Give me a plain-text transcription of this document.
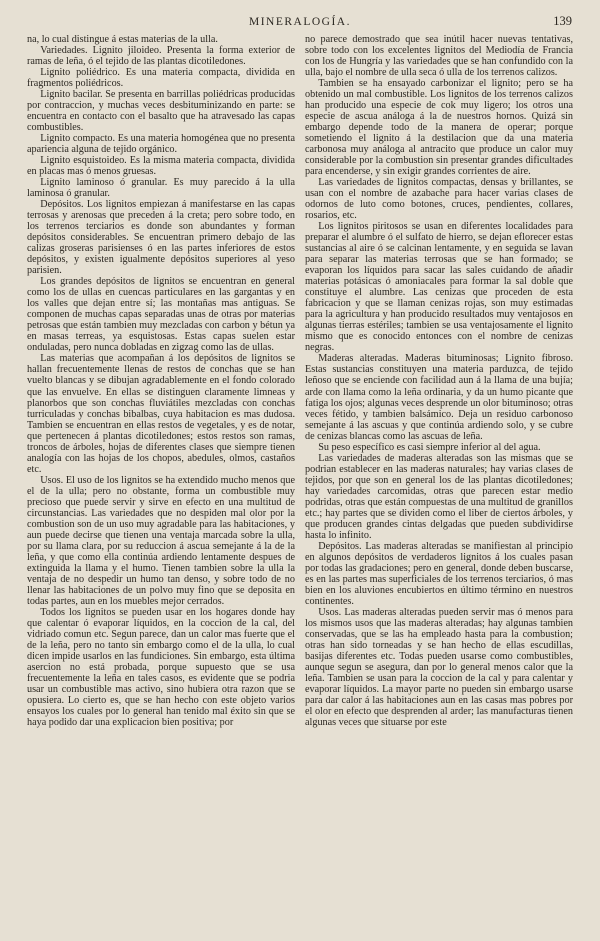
MINERALOGÍA.	139

na, lo cual distingue á estas materias de la ulla.

Variedades. Lignito jiloideo. Presenta la forma exterior de ramas de leña, ó el tejido de las plantas dicotiledones.

Lignito poliédrico. Es una materia compacta, dividida en fragmentos poliédricos.

Lignito bacilar. Se presenta en barrillas poliédricas producidas por contraccion, y muchas veces desbituminizando en parte: se encuentra en contacto con el basalto que ha atravesado las capas combustibles.

Lignito compacto. Es una materia homogénea que no presenta apariencia alguna de tejido orgánico.

Lignito esquistoideo. Es la misma materia compacta, dividida en placas mas ó menos gruesas.

Lignito laminoso ó granular. Es muy parecido á la ulla laminosa ó granular.

Depósitos. Los lignitos empiezan á manifestarse en las capas terrosas y arenosas que preceden á la creta; pero sobre todo, en los terrenos terciarios es donde son abundantes y forman depósitos considerables. Se encuentran primero debajo de las calizas groseras parisienses ó en las partes inferiores de estos depósitos, y existen igualmente depósitos superiores al yeso parisien.

Los grandes depósitos de lignitos se encuentran en general como los de ullas en cuencas particulares en las gargantas y en los valles que dejan entre sí; las montañas mas antiguas. Se componen de muchas capas separadas unas de otras por materias petrosas que están tambien muy mezcladas con carbon y bétun ya en masas terreas, ya esquistosas. Estas capas suelen estar onduladas, pero nunca dobladas en zigzag como las de ullas.

Las materias que acompañan á los depósitos de lignitos se hallan frecuentemente llenas de restos de conchas que se han vuelto blancas y se dibujan agradablemente en el fondo colorado que las envuelve. En ellas se distinguen claramente limneas y planorbos que son conchas fluviátiles mezcladas con conchas turriculadas y conchas bibalbas, cuya habitacion es mas dudosa. Tambien se encuentran en ellas restos de vegetales, y es de notar, que pertenecen á plantas dicotiledones; estos restos son ramas, troncos de árboles, hojas de diferentes clases que siempre tienen analogía con las hojas de los chopos, abedules, olmos, castaños etc.

Usos. El uso de los lignitos se ha extendido mucho menos que el de la ulla; pero no obstante, forma un combustible muy precioso que puede servir y sirve en efecto en una multitud de circunstancias. Las variedades que no despiden mal olor por la combustion son de un uso muy agradable para las habitaciones, y aun puede decirse que tienen una ventaja marcada sobre la ulla, por su llama clara, por su reduccion á ascua semejante á la de la leña, y que como ella continúa ardiendo lentamente despues de extinguida la llama y el humo. Tienen tambien sobre la ulla la ventaja de no despedir un humo tan denso, y sobre todo de no llenar las habitaciones de un polvo muy fino que se deposita en todas partes, aun en los muebles mejor cerrados.

Todos los lignitos se pueden usar en los hogares donde hay que calentar ó evaporar líquidos, en la coccion de la cal, del vidriado comun etc. Segun parece, dan un calor mas fuerte que el de la leña, pero no tanto sin embargo como el de la ulla, lo cual dicen impide usarlos en las fundiciones. Sin embargo, esta última asercion no está probada, porque supuesto que se usa frecuentemente la leña en tales casos, es evidente que se podria usar un combustible mas activo, sino hubiera otra razon que se opusiera. Lo cierto es, que se han hecho con este objeto varios ensayos los cuales por lo general han tenido mal éxito sin que se haya podido dar una explicacion bien positiva; por

no parece demostrado que sea inútil hacer nuevas tentativas, sobre todo con los excelentes lignitos del Mediodía de Francia con los de Hungría y las variedades que se han confundido con la ulla, bajo el nombre de ulla seca ó ulla de los terrenos calizos.

Tambien se ha ensayado carbonizar el lignito; pero se ha obtenido un mal combustible. Los lignitos de los terrenos calizos han producido una especie de cok muy ligero; los otros una especie de ascua análoga á la de nuestros hornos. Quizá sin embargo depende todo de la manera de operar; porque sometiendo el lignito á la destilacion que da una materia carbonosa muy análoga al antracito que produce un calor muy considerable por la combustion sin presentar grandes dificultades para encenderse, y sin exigir grandes corrientes de aire.

Las variedades de lignitos compactas, densas y brillantes, se usan con el nombre de azabache para hacer varias clases de odornos de luto como botones, cruces, pendientes, collares, rosarios, etc.

Los lignitos piritosos se usan en diferentes localidades para preparar el alumbre ó el sulfato de hierro, se dejan eflorecer estas sustancias al aire ó se calcinan lentamente, y en seguida se lavan para separar las materias terrosas que se han formado; se evaporan los líquidos para sacar las sales cuidando de añadir materias potásicas ó amoniacales para formar la sal doble que constituye el alumbre. Las cenizas que proceden de esta fabricacion y que se llaman cenizas rojas, son muy estimadas para la agricultura y han producido resultados muy ventajosos en algunas tierras estériles; tambien se usa ventajosamente el lignito mismo que es conocido entonces con el nombre de cenizas negras.

Maderas alteradas. Maderas bituminosas; Lignito fibroso. Estas sustancias constituyen una materia parduzca, de tejido leñoso que se enciende con facilidad aun á la llama de una bujía; arde con llama como la leña ordinaria, y da un humo picante que fatiga los ojos; algunas veces desprende un olor bituminoso; otras veces fétido, y tambien balsámico. Deja un residuo carbonoso semejante á las ascuas y que continúa ardiendo solo, y se cubre de cenizas blancas como las ascuas de leña.

Su peso específico es casi siempre inferior al del agua.

Las variedades de maderas alteradas son las mismas que se podrian establecer en las maderas naturales; hay varias clases de tejidos, por que son en general los de las plantas dicotiledones; hay variedades carcomidas, otras que parecen estar medio podridas, otras que están compuestas de una multitud de granillos etc.; hay partes que se dividen como el liber de ciertos árboles, y que producen grandes cintas delgadas que pueden subdividirse hasta lo infinito.

Depósitos. Las maderas alteradas se manifiestan al principio en algunos depósitos de verdaderos lignitos á los cuales pasan por todas las gradaciones; pero en general, donde deben buscarse, es en las partes mas superficiales de los terrenos terciarios, ó mas bien en los aluviones encubiertos en último término en nuestros continentes.

Usos. Las maderas alteradas pueden servir mas ó menos para los mismos usos que las maderas alteradas; hay algunas tambien conservadas, que se las ha empleado hasta para la combustion; otras han sido torneadas y se han hecho de ellas escudillas, basijas diferentes etc. Todas pueden usarse como combustibles, aunque segun se asegura, dan por lo general menos calor que la leña. Tambien se usan para la coccion de la cal y para calentar y evaporar líquidos. La mayor parte no pueden sin embargo usarse para dar calor á las habitaciones aun en las casas mas pobres por el olor en efecto que desprenden al arder; las manufacturas tienen algunas veces que situarse por este
